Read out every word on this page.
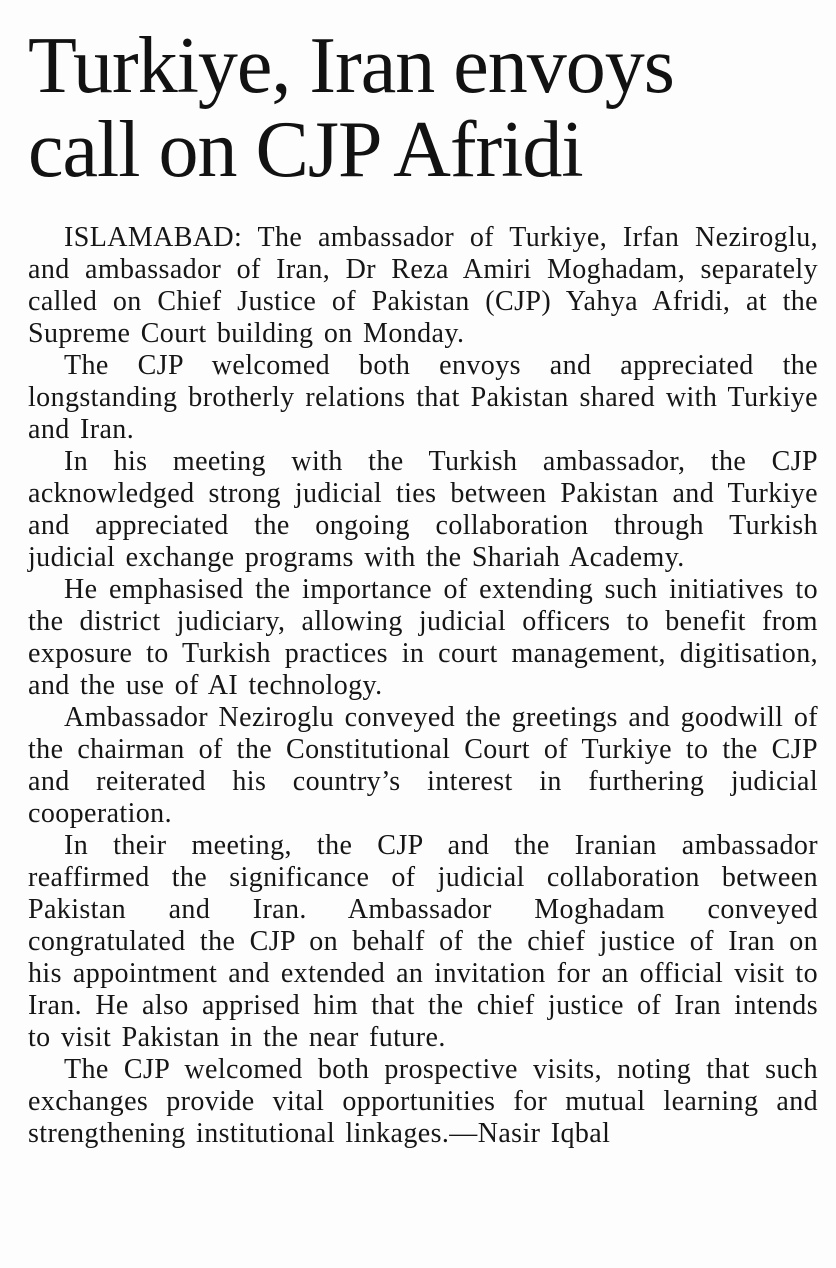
Turkiye, Iran envoys call on CJP Afridi

ISLAMABAD: The ambassador of Turkiye, Irfan Neziroglu, and ambassador of Iran, Dr Reza Amiri Moghadam, separately called on Chief Justice of Pakistan (CJP) Yahya Afridi, at the Supreme Court building on Monday.

The CJP welcomed both envoys and appreciated the longstanding brotherly relations that Pakistan shared with Turkiye and Iran.

In his meeting with the Turkish ambassador, the CJP acknowledged strong judicial ties between Pakistan and Turkiye and appreciated the ongoing collaboration through Turkish judicial exchange programs with the Shariah Academy.

He emphasised the importance of extending such initiatives to the district judiciary, allowing judicial officers to benefit from exposure to Turkish practices in court management, digitisation, and the use of AI technology.

Ambassador Neziroglu conveyed the greetings and goodwill of the chairman of the Constitutional Court of Turkiye to the CJP and reiterated his country’s interest in furthering judicial cooperation.

In their meeting, the CJP and the Iranian ambassador reaffirmed the significance of judicial collaboration between Pakistan and Iran. Ambassador Moghadam conveyed congratulated the CJP on behalf of the chief justice of Iran on his appointment and extended an invitation for an official visit to Iran. He also apprised him that the chief justice of Iran intends to visit Pakistan in the near future.

The CJP welcomed both prospective visits, noting that such exchanges provide vital opportunities for mutual learning and strengthening institutional linkages.—Nasir Iqbal
